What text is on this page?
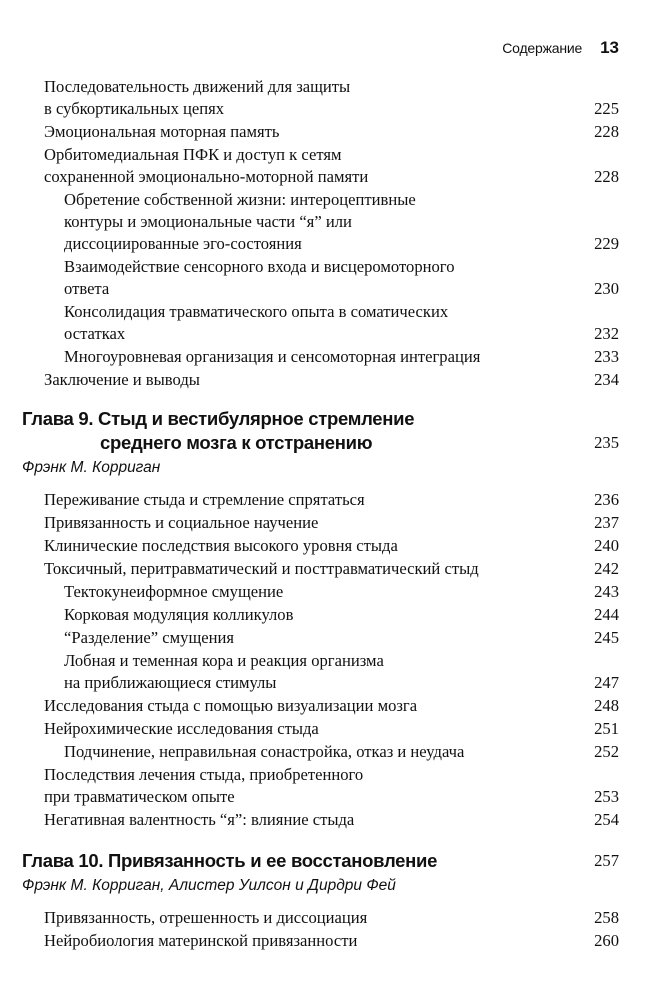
Содержание 13
Последовательность движений для защиты
в субкортикальных цепях	225
Эмоциональная моторная память	228
Орбитомедиальная ПФК и доступ к сетям
сохраненной эмоционально-моторной памяти	228
Обретение собственной жизни: интероцептивные
контуры и эмоциональные части “я” или
диссоциированные эго-состояния	229
Взаимодействие сенсорного входа и висцеромоторного
ответа	230
Консолидация травматического опыта в соматических
остатках	232
Многоуровневая организация и сенсомоторная интеграция	233
Заключение и выводы	234
Глава 9. Стыд и вестибулярное стремление
среднего мозга к отстранению	235
Фрэнк М. Корриган
Переживание стыда и стремление спрятаться	236
Привязанность и социальное научение	237
Клинические последствия высокого уровня стыда	240
Токсичный, перитравматический и посттравматический стыд	242
Тектокунеиформное смущение	243
Корковая модуляция колликулов	244
“Разделение” смущения	245
Лобная и теменная кора и реакция организма
на приближающиеся стимулы	247
Исследования стыда с помощью визуализации мозга	248
Нейрохимические исследования стыда	251
Подчинение, неправильная сонастройка, отказ и неудача	252
Последствия лечения стыда, приобретенного
при травматическом опыте	253
Негативная валентность “я”: влияние стыда	254
Глава 10. Привязанность и ее восстановление	257
Фрэнк М. Корриган, Алистер Уилсон и Дирдри Фей
Привязанность, отрешенность и диссоциация	258
Нейробиология материнской привязанности	260
